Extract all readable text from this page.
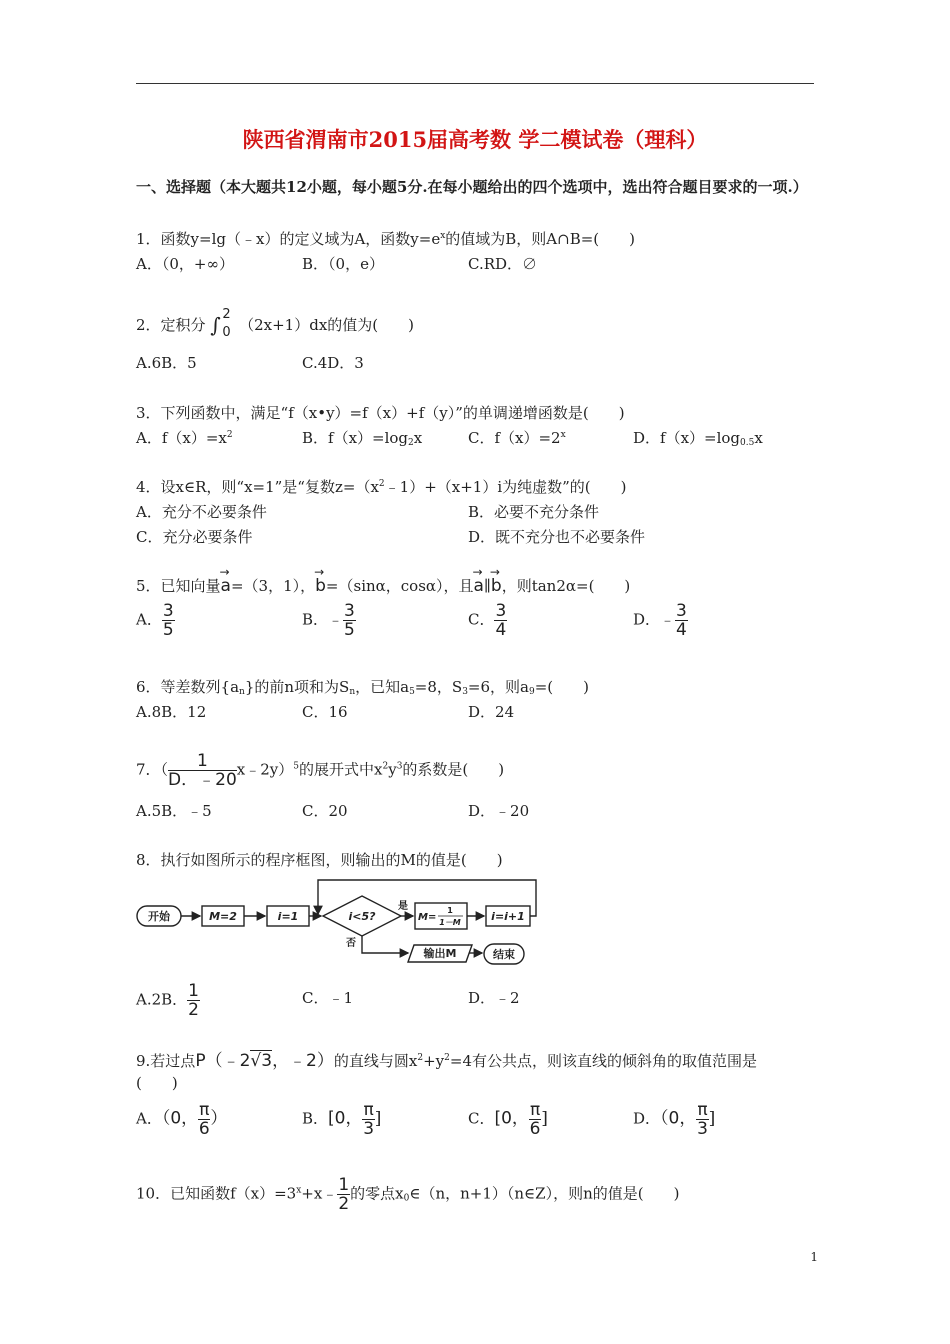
陕西省渭南市2015届高考数 学二模试卷（理科）
一、选择题（本大题共12小题，每小题5分.在每小题给出的四个选项中，选出符合题目要求的一项.）
1．函数y=lg（﹣x）的定义域为A，函数$y=e^x$的值域为B，则A∩B=(　　)
A．（0，+∞）	B．（0，e）	C.RD．∅
2．定积分 ∫ 2
0 （2x+1）dx的值为(　　)
A.6B．5	C.4D．3
3．下列函数中，满足“f（x•y）=f（x）+f（y）”的单调递增函数是(　　)
A．$f(x)=x^2$	B．$f(x)=\log_2x$	C．$f(x)=2^x$	D．$f(x)=\log_{0.5}x$
4．设x∈R，则“x=1”是“复数$z=(x^2﹣1)+(x+1)i$为纯虚数”的(　　)
A．充分不必要条件	B．必要不充分条件
C．充分必要条件	D．既不充分也不必要条件
5．已知向量→ a=（3，1），→ b=（sinα，cosα），且→ a∥→ b，则tan2α=(　　)
A． $\frac{3}{5}$	B．﹣ $\frac{3}{5}$	C． $\frac{3}{4}$	D．﹣ $\frac{3}{4}$
6．等差数列$\{a_n\}$的前n项和为$S_n$，已知$a_5=8$，$S_3=6$，则$a_9=$(　　)
A.8B．12	C．16	D．24
7．（ $\frac{1}{D.﹣20}$ x﹣2y）$^5$的展开式中$x^2y^3$的系数是(　　)
A.5B．﹣5	C．20	D．﹣20
8．执行如图所示的程序框图，则输出的M的值是(　　)
开始	M=2	i=1	i<5?
是
否
M=
1
1－M	i=i+1
输出M	结束
A.2B． $\frac{1}{2}$	C．﹣1	D．﹣2
9.若过点P（﹣2√3，﹣2）的直线与圆$x^2+y^2=4$有公共点，则该直线的倾斜角的取值范围是
(　　)
A．（0， $\frac{\pi}{6}$ ）	B．[0， $\frac{\pi}{3}$ ]	C．[0， $\frac{\pi}{6}$ ]	D．（0， $\frac{\pi}{3}$ ]
10．已知函数$f(x)=3^x+x﹣ \frac{1}{2}$ 的零点$x_0\in(n$，n+1）（n∈Z），则n的值是(　　)
1
